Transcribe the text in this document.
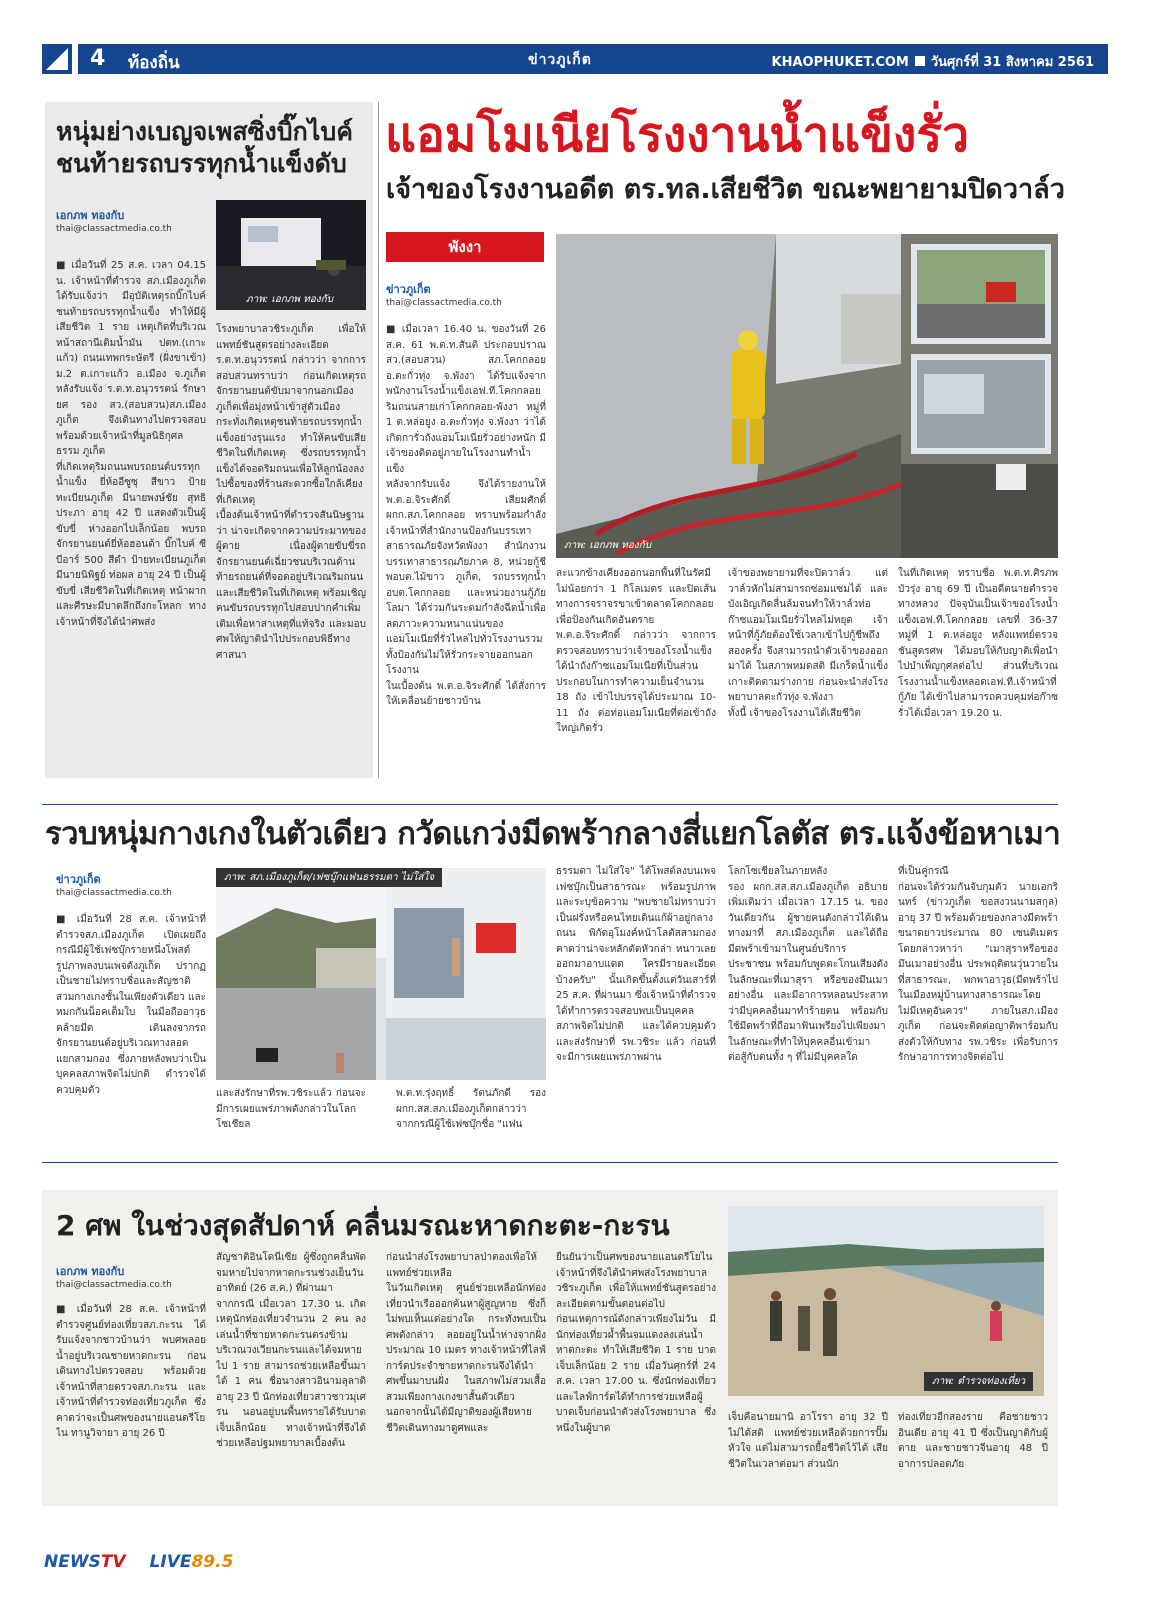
4 ท้องถิ่น	ข่าวภูเก็ต	KHAOPHUKET.COM วันศุกร์ที่ 31 สิงหาคม 2561
หนุ่มย่างเบญจเพสซิ่งบิ๊กไบค์
ชนท้ายรถบรรทุกน้ำแข็งดับ
เอกภพ ทองกับ
thai@classactmedia.co.th
■ เมื่อวันที่ 25 ส.ค. เวลา 04.15 น. เจ้าหน้าที่ตำรวจ สภ.เมืองภูเก็ต ได้รับแจ้งว่า มีอุบัติเหตุรถบิ๊กไบค์ชนท้ายรถบรรทุกน้ำแข็ง ทำให้มีผู้เสียชีวิต 1 ราย เหตุเกิดที่บริเวณ หน้าสถานีเติมน้ำมัน ปตท.(เกาะแก้ว) ถนนเทพกระษัตรี (ฝั่งขาเข้า) ม.2 ต.เกาะแก้ว อ.เมือง จ.ภูเก็ต หลังรับแจ้ง ร.ต.ท.อนุวรรตน์ รักษายศ รอง สว.(สอบสวน)สภ.เมืองภูเก็ต จึงเดินทางไปตรวจสอบ พร้อมด้วยเจ้าหน้าที่มูลนิธิกุศลธรรม ภูเก็ต
ที่เกิดเหตุริมถนนพบรถยนต์บรรทุกน้ำแข็ง ยี่ห้ออีซูซุ สีขาว ป้ายทะเบียนภูเก็ต มีนายพงษ์ชัย สุทธิประภา อายุ 42 ปี แสดงตัวเป็นผู้ขับขี่ ห่างออกไปเล็กน้อย พบรถจักรยานยนต์ยี่ห้อฮอนด้า บิ๊กไบค์ ซีบีอาร์ 500 สีดำ ป้ายทะเบียนภูเก็ต มีนายนิพิฐย์ ท่อผล อายุ 24 ปี เป็นผู้ขับขี่ เสียชีวิตในที่เกิดเหตุ หน้าผากและศีรษะมีบาดลึกถึงกะโหลก ทางเจ้าหน้าที่จึงได้นำศพส่ง
ภาพ: เอกภพ ทองกับ
โรงพยาบาลวชิระภูเก็ต เพื่อให้แพทย์ชันสูตรอย่างละเอียด
ร.ต.ท.อนุวรรตน์ กล่าวว่า จากการสอบสวนทราบว่า ก่อนเกิดเหตุรถจักรยานยนต์ขับมาจากนอกเมืองภูเก็ตเพื่อมุ่งหน้าเข้าสู่ตัวเมือง กระทั่งเกิดเหตุชนท้ายรถบรรทุกน้ำแข็งอย่างรุนแรง ทำให้คนขับเสียชีวิตในที่เกิดเหตุ ซึ่งรถบรรทุกน้ำแข็งได้จอดริมถนนเพื่อให้ลูกน้องลงไปซื้อของที่ร้านสะดวกซื้อใกล้เคียงที่เกิดเหตุ
เบื้องต้นเจ้าหน้าที่ตำรวจสันนิษฐานว่า น่าจะเกิดจากความประมาทของผู้ตาย เนื่องผู้ตายขับขี่รถจักรยานยนต์เฉี่ยวชนบริเวณด้านท้ายรถยนต์ที่จอดอยู่บริเวณริมถนน และเสียชีวิตในที่เกิดเหตุ พร้อมเชิญคนขับรถบรรทุกไปสอบปากคำเพิ่มเติมเพื่อหาสาเหตุที่แท้จริง และมอบศพให้ญาตินำไปประกอบพิธีทางศาสนา
แอมโมเนียโรงงานน้ำแข็งรั่ว
เจ้าของโรงงานอดีต ตร.ทล.เสียชีวิต ขณะพยายามปิดวาล์ว
พังงา
ข่าวภูเก็ต
thai@classactmedia.co.th
■ เมื่อเวลา 16.40 น. ของวันที่ 26 ส.ค. 61 พ.ต.ท.สันติ ประกอบปราณ สว.(สอบสวน) สภ.โคกกลอย อ.ตะกั่วทุ่ง จ.พังงา ได้รับแจ้งจากพนักงานโรงน้ำแข็งเอฟ.ที.โคกกลอย ริมถนนสายเก่าโคกกลอย-พังงา หมู่ที่ 1 ต.หล่อยูง อ.ตะกั่วทุ่ง จ.พังงา ว่าได้เกิดการั่วถังแอมโมเนียรั่วอย่างหนัก มีเจ้าของติดอยู่ภายในโรงงานทำน้ำแข็ง
หลังจากรับแจ้ง จึงได้รายงานให้พ.ต.อ.จิระศักดิ์ เสียมศักดิ์ ผกก.สภ.โคกกลอย ทราบพร้อมกำลังเจ้าหน้าที่สำนักงานป้องกันบรรเทาสาธารณภัยจังหวัดพังงา สำนักงานบรรเทาสาธารณภัยภาค 8, หน่วยกู้ชีพอบต.ไม้ขาว ภูเก็ต, รถบรรทุกน้ำอบต.โคกกลอย และหน่วยงานกู้ภัยโลมา ได้ร่วมกันระดมกำลังฉีดน้ำเพื่อลดภาวะความหนาแน่นของแอมโมเนียที่รั่วไหลไปทั่วโรงงานรวมทั้งป้องกันไม่ให้รั่วกระจายออกนอกโรงงาน
ในเบื้องต้น พ.ต.อ.จิระศักดิ์ ได้สั่งการให้เคลื่อนย้ายชาวบ้าน
ภาพ: เอกภพ ทองกับ
ละแวกข้างเคียงออกนอกพื้นที่ในรัศมีไม่น้อยกว่า 1 กิโลเมตร และปิดเส้นทางการจราจรขาเข้าตลาดโคกกลอย เพื่อป้องกันเกิดอันตราย
พ.ต.อ.จิระศักดิ์ กล่าวว่า จากการตรวจสอบทราบว่าเจ้าของโรงน้ำแข็งได้นำถังก๊าซแอมโมเนียที่เป็นส่วนประกอบในการทำความเย็นจำนวน 18 ถัง เข้าไปบรรจุได้ประมาณ 10-11 ถัง ต่อท่อแอมโมเนียที่ต่อเข้าถังใหญ่เกิดรั่ว
เจ้าของพยายามที่จะปิดวาล์ว แต่วาล์วหักไม่สามารถซ่อมแซมได้ และบังเอิญเกิดลื่นล้มจนทำให้วาล์วท่อก๊าซแอมโมเนียรั่วไหลไม่หยุด เจ้าหน้าที่กู้ภัยต้องใช้เวลาเข้าไปกู้ชีพถึงสองครั้ง จึงสามารถนำตัวเจ้าของออกมาได้ ในสภาพหมดสติ มีเกร็ดน้ำแข็งเกาะติดตามร่างกาย ก่อนจะนำส่งโรงพยาบาลตะกั่วทุ่ง จ.พังงา
ทั้งนี้ เจ้าของโรงงานได้เสียชีวิต
ในที่เกิดเหตุ ทราบชื่อ พ.ต.ท.ศิรภพ บัวรุ่ง อายุ 69 ปี เป็นอดีตนายตำรวจทางหลวง ปัจจุบันเป็นเจ้าของโรงน้ำแข็งเอฟ.ที.โคกกลอย เลขที่ 36-37 หมู่ที่ 1 ต.หล่อยูง หลังแพทย์ตรวจชันสูตรศพ ได้มอบให้กับญาติเพื่อนำไปบำเพ็ญกุศลต่อไป ส่วนที่บริเวณโรงงานน้ำแข็งหลอดเอฟ.ที.เจ้าหน้าที่กู้ภัย ได้เข้าไปสามารถควบคุมท่อก๊าซรั่วได้เมื่อเวลา 19.20 น.
รวบหนุ่มกางเกงในตัวเดียว กวัดแกว่งมีดพร้ากลางสี่แยกโลตัส ตร.แจ้งข้อหาเมา
ข่าวภูเก็ต
thai@classactmedia.co.th
■ เมื่อวันที่ 28 ส.ค. เจ้าหน้าที่ตำรวจสภ.เมืองภูเก็ต เปิดเผยถึงกรณีมีผู้ใช้เฟซบุ๊กรายหนึ่งโพสต์รูปภาพลงบนเพจดังภูเก็ต ปรากฏเป็นชายไม่ทราบชื่อและสัญชาติสวมกางเกงชั้นในเพียงตัวเดียว และหมกกันน็อคเต็มใบ ในมือถืออาวุธคล้ายมีด เดินลงจากรถจักรยานยนต์อยู่บริเวณทางลอดแยกสามกอง ซึ่งภายหลังพบว่าเป็นบุคคลสภาพจิตไม่ปกติ ตำรวจได้ควบคุมตัว
ภาพ: สภ.เมืองภูเก็ต/เฟซบุ๊กแฟนธรรมดา ไม่ใส่ใจ
และส่งรักษาที่รพ.วชิระแล้ว ก่อนจะมีการเผยแพร่ภาพดังกล่าวในโลกโซเชียล
พ.ต.ท.รุ่งฤทธิ์ รัตนภักดี รอง ผกก.สส.สภ.เมืองภูเก็ตกล่าวว่า จากกรณีผู้ใช้เฟซบุ๊กชื่อ "แฟน
ธรรมดา ไม่ใส่ใจ" ได้โพสต์ลงบนเพจเฟซบุ๊กเป็นสาธารณะ พร้อมรูปภาพและระบุข้อความ "พบชายไม่ทราบว่าเป็นฝรั่งหรือคนไทยเดินแก้ผ้าอยู่กลางถนน พิกัดอุโมงค์หน้าโลตัสสามกอง คาดว่าน่าจะหลักตัดหัวกล่า หนาวเลยออกมาอาบแดด ใครมีรายละเอียดบ้างครับ" นั้นเกิดขึ้นตั้งแต่วันเสาร์ที่ 25 ส.ค. ที่ผ่านมา ซึ่งเจ้าหน้าที่ตำรวจได้ทำการตรวจสอบพบเป็นบุคคลสภาพจิตไม่ปกติ และได้ควบคุมตัวและส่งรักษาที่ รพ.วชิระ แล้ว ก่อนที่จะมีการเผยแพร่ภาพผ่าน
โลกโซเชียลในภายหลัง
รอง ผกก.สส.สภ.เมืองภูเก็ต อธิบายเพิ่มเติมว่า เมื่อเวลา 17.15 น. ของวันเดียวกัน ผู้ชายคนดังกล่าวได้เดินทางมาที่ สภ.เมืองภูเก็ต และได้ถือมีดพร้าเข้ามาในศูนย์บริการประชาชน พร้อมกับพูดตะโกนเสียงดังในลักษณะที่เมาสุรา หรือของมึนเมาอย่างอื่น และมีอาการหลอนประสาทว่ามีบุคคลอื่นมาทำร้ายตน พร้อมกับใช้มีดพร้าที่ถือมาฟันเพรียงไปเพียงมาในลักษณะที่ทำให้บุคคลอื่นเข้ามาต่อสู้กับตนทั้ง ๆ ที่ไม่มีบุคคลใด
ที่เป็นคู่กรณี
ก่อนจะได้ร่วมกันจับกุมตัว นายเอกรินทร์ (ข่าวภูเก็ต ขอสงวนนามสกุล) อายุ 37 ปี พร้อมด้วยของกลางมีดพร้าขนาดยาวประมาณ 80 เซนติเมตร โดยกล่าวหาว่า "เมาสุราหรือของมึนเมาอย่างอื่น ประพฤติตนวุ่นวายในที่สาธารณะ, พกพาอาวุธ(มีดพร้าไปในเมืองหมู่บ้านทางสาธารณะโดยไม่มีเหตุอันควร" ภายในสภ.เมืองภูเก็ต ก่อนจะติดต่อญาติพาร์อมกับส่งตัวให้กับทาง รพ.วชิระ เพื่อรับการรักษาอาการทางจิตต่อไป
2 ศพ ในช่วงสุดสัปดาห์ คลื่นมรณะหาดกะตะ-กะรน
เอกภพ ทองกับ
thai@classactmedia.co.th
■ เมื่อวันที่ 28 ส.ค. เจ้าหน้าที่ตำรวจศูนย์ท่องเที่ยวสภ.กะรน ได้รับแจ้งจากชาวบ้านว่า พบศพลอยน้ำอยู่บริเวณชายหาดกะรน ก่อนเดินทางไปตรวจสอบ พร้อมด้วย เจ้าหน้าที่สายตรวจสภ.กะรน และเจ้าหน้าที่ตำรวจท่องเที่ยวภูเก็ต ซึ่งคาดว่าจะเป็นศพของนายแอนดรีโยไน ทานูวิจายา อายุ 26 ปี
สัญชาติอินโดนีเซีย ผู้ซึ่งถูกคลื่นพัดจมหายไปจากหาดกะรนช่วงเย็นวันอาทิตย์ (26 ส.ค.) ที่ผ่านมา
จากกรณี เมื่อเวลา 17.30 น. เกิดเหตุนักท่องเที่ยวจำนวน 2 คน ลงเล่นน้ำที่ชายหาดกะรนตรงข้ามบริเวณวงเวียนกะรนและได้จมหายไป 1 ราย สามารถช่วยเหลือขึ้นมาได้ 1 คน ชื่อนางสาวอินามลุลาติ อายุ 23 ปี นักท่องเที่ยวสาวชาวมุเศรน นอนอยู่บนพื้นทรายได้รับบาดเจ็บเล็กน้อย ทางเจ้าหน้าที่จึงได้ช่วยเหลือปฐมพยาบาลเบื้องต้น
ก่อนนำส่งโรงพยาบาลป่าตองเพื่อให้แพทย์ช่วยเหลือ
ในวันเกิดเหตุ ศูนย์ช่วยเหลือนักท่องเที่ยวนำเรือออกค้นหาผู้สูญหาย ซึ่งก็ไม่พบเห็นแต่อย่างใด กระทั่งพบเป็นศพดังกล่าว ลอยอยู่ในน้ำห่างจากฝั่งประมาณ 10 เมตร ทางเจ้าหน้าที่ไลฟ์การ์ดประจำชายหาดกะรนจึงได้นำศพขึ้นมาบนฝั่ง ในสภาพไม่สวมเสื้อสวมเพียงกางเกงขาสั้นตัวเดียว นอกจากนั้นได้มีญาติของผู้เสียหายชีวิตเดินทางมาดูศพและ
ยืนยันว่าเป็นศพของนายแอนดรีโยไน เจ้าหน้าที่จึงได้นำศพส่งโรงพยาบาลวชิระภูเก็ต เพื่อให้แพทย์ชันสูตรอย่างละเอียดตามขั้นตอนต่อไป
ก่อนเหตุการณ์ดังกล่าวเพียงไม่วัน มีนักท่องเที่ยวผ้ำพื้นจมแดงลงเล่นน้ำหาดกะตะ ทำให้เสียชีวิต 1 ราย บาดเจ็บเล็กน้อย 2 ราย เมื่อวันศุกร์ที่ 24 ส.ค. เวลา 17.00 น. ซึ่งนักท่องเที่ยวและไลฟ์การ์ดได้ทำการช่วยเหลือผู้บาดเจ็บก่อนนำตัวส่งโรงพยาบาล ซึ่งหนึ่งในผู้บาด
ภาพ: ตำรวจท่องเที่ยว
เจ็บคือนายมานิ อาโรรา อายุ 32 ปี ไม่ได้สติ แพทย์ช่วยเหลือด้วยการปั๊มหัวใจ แต่ไม่สามารถยื้อชีวิตไว้ได้ เสียชีวิตในเวลาต่อมา ส่วนนัก
ท่องเที่ยวอีกสองราย คือชายชาวอินเดีย อายุ 41 ปี ซึ่งเป็นญาติกับผู้ตาย และชายชาวจีนอายุ 48 ปี อาการปลอดภัย
NEWSTV LIVE89.5
